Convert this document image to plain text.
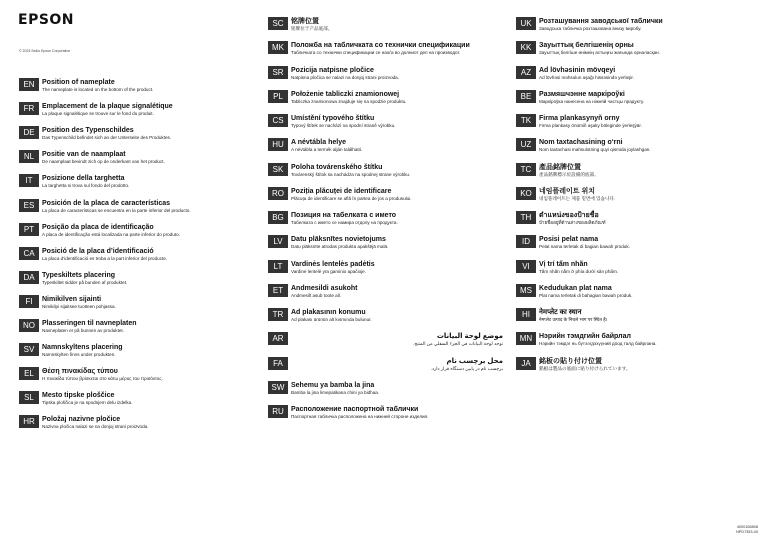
EPSON
© 2023 Seiko Epson Corporation
EN	Position of nameplate
The nameplate is located on the bottom of the product.
FR	Emplacement de la plaque signalétique
La plaque signalétique se trouve sur le fond du produit.
DE	Position des Typenschildes
Das Typenschild befindet sich an der Unterseite des Produktes.
NL	Positie van de naamplaat
De naamplaat bevindt zich op de onderkant van het product.
IT	Posizione della targhetta
La targhetta si trova sul fondo del prodotto.
ES	Posición de la placa de características
La placa de características se encuentra en la parte inferior del producto.
PT	Posição da placa de identificação
A placa de identificação está localizada na parte inferior do produto.
CA	Posició de la placa d’identificació
La placa d’identificació es troba a la part inferior del producte.
DA	Typeskiltets placering
Typeskiltet sidder på bunden af produktet.
FI	Nimikilven sijainti
Nimikilpi sijaitsee tuotteen pohjassa.
NO	Plasseringen til navneplaten
Navneplaten er på bunnen av produktet.
SV	Namnskyltens placering
Namnskylten finns under produkten.
EL	Θέση πινακίδας τύπου
Η πινακίδα τύπου βρίσκεται στο κάτω μέρος του προϊόντος.
SL	Mesto tipske ploščice
Tipska ploščica je na spodnjem delu izdelka.
HR	Položaj nazivne pločice
Nazivna pločica nalazi se na donjoj strani proizvoda.
SC	铭牌位置
铭牌位于产品底部。
MK	Положба на табличката со технички спецификации
Табличката со технички спецификации се наоѓа во долниот дел на производот.
SR	Pozicija natpisne pločice
Natpisna pločica se nalazi na donjoj strani proizvoda.
PL	Położenie tabliczki znamionowej
Tabliczka znamionowa znajduje się na spodzie produktu.
CS	Umístění typového štítku
Typový štítek se nachází na spodní straně výrobku.
HU	A névtábla helye
A névtábla a termék alján található.
SK	Poloha továrenského štítku
Továrenský štítok sa nachádza na spodnej strane výrobku.
RO	Poziția plăcuței de identificare
Plăcuța de identificare se află în partea de jos a produsului.
BG	Позиция на табелката с името
Табелката с името се намира отдолу на продукта.
LV	Datu plāksnītes novietojums
Datu plāksnīte atrodas produkta apakšējā malā.
LT	Vardinės lentelės padėtis
Vardinė lentelė yra gaminio apačioje.
ET	Andmesildi asukoht
Andmesilt asub toote all.
TR	Ad plakasının konumu
Ad plakası ürünün alt kısmında bulunur.
AR	موضع لوحة البيانات
توجد لوحة البيانات في الجزء السفلي من المنتج.
FA	محل برچسب نام
برچسب نام در پایین دستگاه قرار دارد.
SW Sehemu ya bamba la jina
Bamba la jina limepatikana chini ya bidhaa.
RU	Расположение паспортной таблички
Паспортная табличка расположена на нижней стороне изделия.
UK	Розташування заводської таблички
Заводська табличка розташована внизу виробу.
KK	Зауыттық белгішенің орны
Зауыттық белгіше өнімнің астыңғы жағында орналасқан.
AZ	Ad lövhəsinin mövqeyi
Ad lövhəsi məhsulun aşağı hissəsində yerləşir.
BE	Размяшчэнне маркіроўкі
Маркіроўка нанесена на ніжняй частцы прадукту.
TK	Firma plankasynyň orny
Firma plankasy önümiň aşaky böleginde ýerleşýär.
UZ	Nom taxtachasining o‘rni
Nom taxtachasi mahsulotning quyi qismida joylashgan.
TC	產品銘牌位置
產品銘牌標示於設備的底部。
KO	네임플레이트 위치
네임플레이트는 제품 밑면에 있습니다.
TH	ตำแหน่งของป้ายชื่อ
ป้ายชื่ออยู่ที่ด้านล่างของผลิตภัณฑ์
ID	Posisi pelat nama
Pelat nama terletak di bagian bawah produk.
VI	Vị trí tấm nhãn
Tấm nhãn nằm ở phía dưới sản phẩm.
MS	Kedudukan plat nama
Plat nama terletak di bahagian bawah produk.
HI	नेमप्लेट का स्थान
नेमप्लेट उत्पाद के निचले भाग पर स्थित है।
MN Нэрийн тэмдгийн байрлал
Нэрийн тэмдэг нь бүтээгдэхүүний доод талд байрлана.
JA	銘板の貼り付け位置
銘板は製品の底面に貼り付けられています。
4000156808
NPD7353-00
